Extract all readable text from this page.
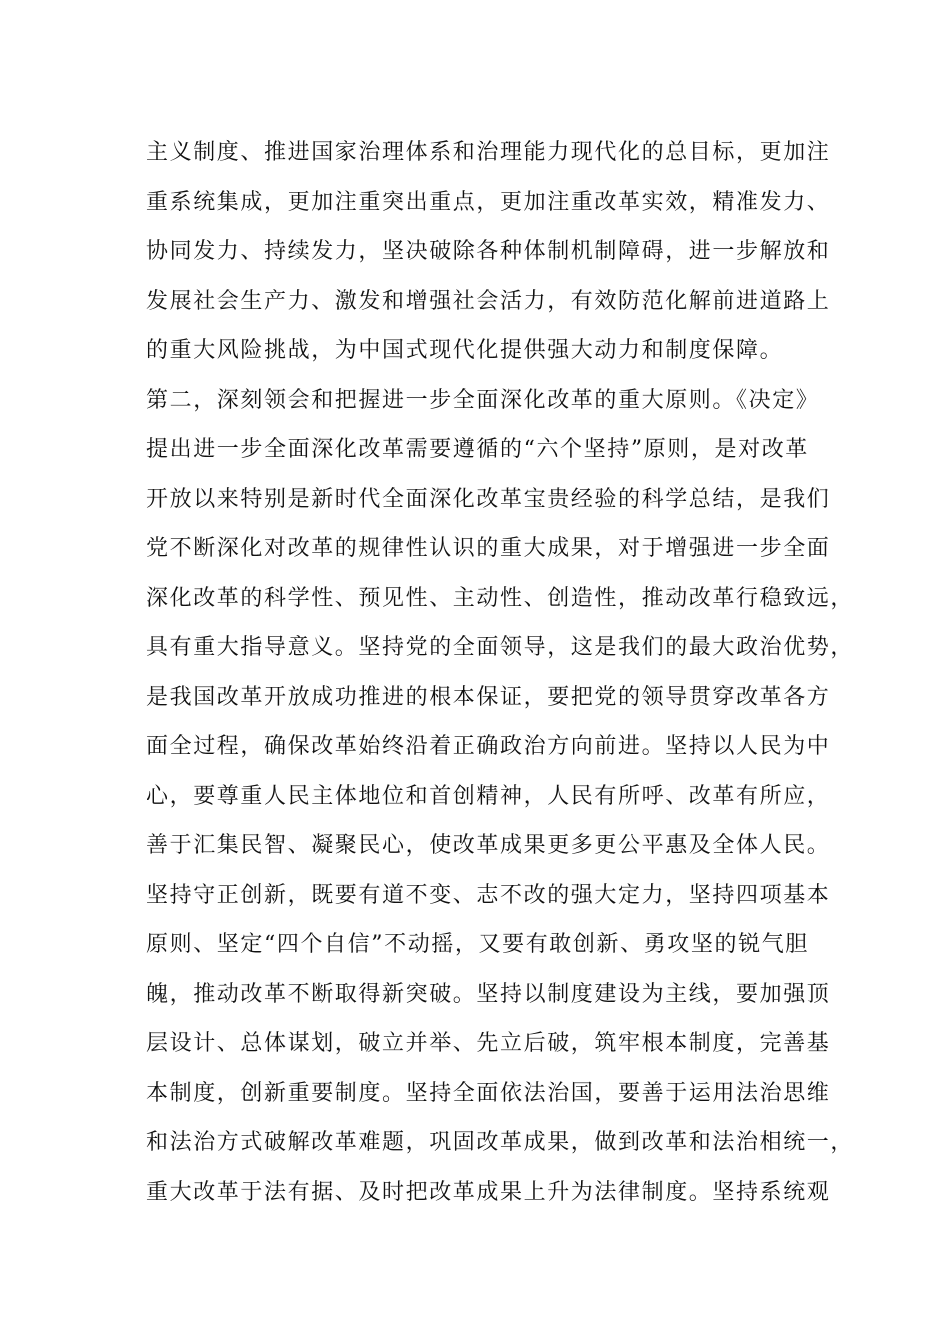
主义制度、推进国家治理体系和治理能力现代化的总目标，更加注
重系统集成，更加注重突出重点，更加注重改革实效，精准发力、
协同发力、持续发力，坚决破除各种体制机制障碍，进一步解放和
发展社会生产力、激发和增强社会活力，有效防范化解前进道路上
的重大风险挑战，为中国式现代化提供强大动力和制度保障。
第二，深刻领会和把握进一步全面深化改革的重大原则。《决定》
提出进一步全面深化改革需要遵循的“六个坚持”原则，是对改革
开放以来特别是新时代全面深化改革宝贵经验的科学总结，是我们
党不断深化对改革的规律性认识的重大成果，对于增强进一步全面
深化改革的科学性、预见性、主动性、创造性，推动改革行稳致远，
具有重大指导意义。坚持党的全面领导，这是我们的最大政治优势，
是我国改革开放成功推进的根本保证，要把党的领导贯穿改革各方
面全过程，确保改革始终沿着正确政治方向前进。坚持以人民为中
心，要尊重人民主体地位和首创精神，人民有所呼、改革有所应，
善于汇集民智、凝聚民心，使改革成果更多更公平惠及全体人民。
坚持守正创新，既要有道不变、志不改的强大定力，坚持四项基本
原则、坚定“四个自信”不动摇，又要有敢创新、勇攻坚的锐气胆
魄，推动改革不断取得新突破。坚持以制度建设为主线，要加强顶
层设计、总体谋划，破立并举、先立后破，筑牢根本制度，完善基
本制度，创新重要制度。坚持全面依法治国，要善于运用法治思维
和法治方式破解改革难题，巩固改革成果，做到改革和法治相统一，
重大改革于法有据、及时把改革成果上升为法律制度。坚持系统观
